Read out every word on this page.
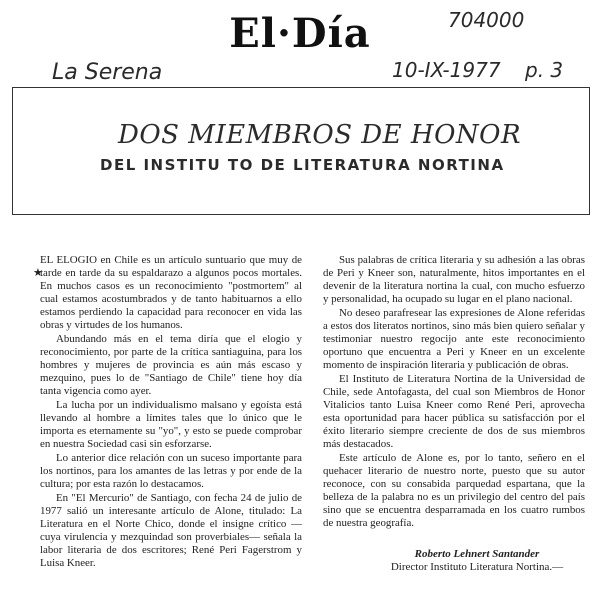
El·Día	704000
La Serena	10-IX-1977 p. 3
DOS MIEMBROS DE HONOR
DEL INSTITU TO DE LITERATURA NORTINA
★

EL ELOGIO en Chile es un artículo suntuario que muy de tarde en tarde da su espaldarazo a algunos pocos mortales. En muchos casos es un reconocimiento "postmortem" al cual estamos acostumbrados y de tanto habituarnos a ello estamos perdiendo la capacidad para reconocer en vida las obras y virtudes de los humanos.

Abundando más en el tema diría que el elogio y reconocimiento, por parte de la crítica santiaguina, para los hombres y mujeres de provincia es aún más escaso y mezquino, pues lo de "Santiago de Chile" tiene hoy día tanta vigencia como ayer.

La lucha por un individualismo malsano y egoísta está llevando al hombre a límites tales que lo único que le importa es eternamente su "yo", y esto se puede comprobar en nuestra Sociedad casi sin esforzarse.

Lo anterior dice relación con un suceso importante para los nortinos, para los amantes de las letras y por ende de la cultura; por esta razón lo destacamos.

En "El Mercurio" de Santiago, con fecha 24 de julio de 1977 salió un interesante artículo de Alone, titulado: La Literatura en el Norte Chico, donde el insigne crítico —cuya virulencia y mezquindad son proverbiales— señala la labor literaria de dos escritores; René Peri Fagerstrom y Luisa Kneer.

Sus palabras de crítica literaria y su adhesión a las obras de Peri y Kneer son, naturalmente, hitos importantes en el devenir de la literatura nortina la cual, con mucho esfuerzo y personalidad, ha ocupado su lugar en el plano nacional.

No deseo parafresear las expresiones de Alone referidas a estos dos literatos nortinos, sino más bien quiero señalar y testimoniar nuestro regocijo ante este reconocimiento oportuno que encuentra a Peri y Kneer en un excelente momento de inspiración literaria y publicación de obras.

El Instituto de Literatura Nortina de la Universidad de Chile, sede Antofagasta, del cual son Miembros de Honor Vitalicios tanto Luisa Kneer como René Peri, aprovecha esta oportunidad para hacer pública su satisfacción por el éxito literario siempre creciente de dos de sus miembros más destacados.

Este artículo de Alone es, por lo tanto, señero en el quehacer literario de nuestro norte, puesto que su autor reconoce, con su consabida parquedad espartana, que la belleza de la palabra no es un privilegio del centro del país sino que se encuentra desparramada en los cuatro rumbos de nuestra geografía.

Roberto Lehnert Santander
Director Instituto Literatura Nortina.—
